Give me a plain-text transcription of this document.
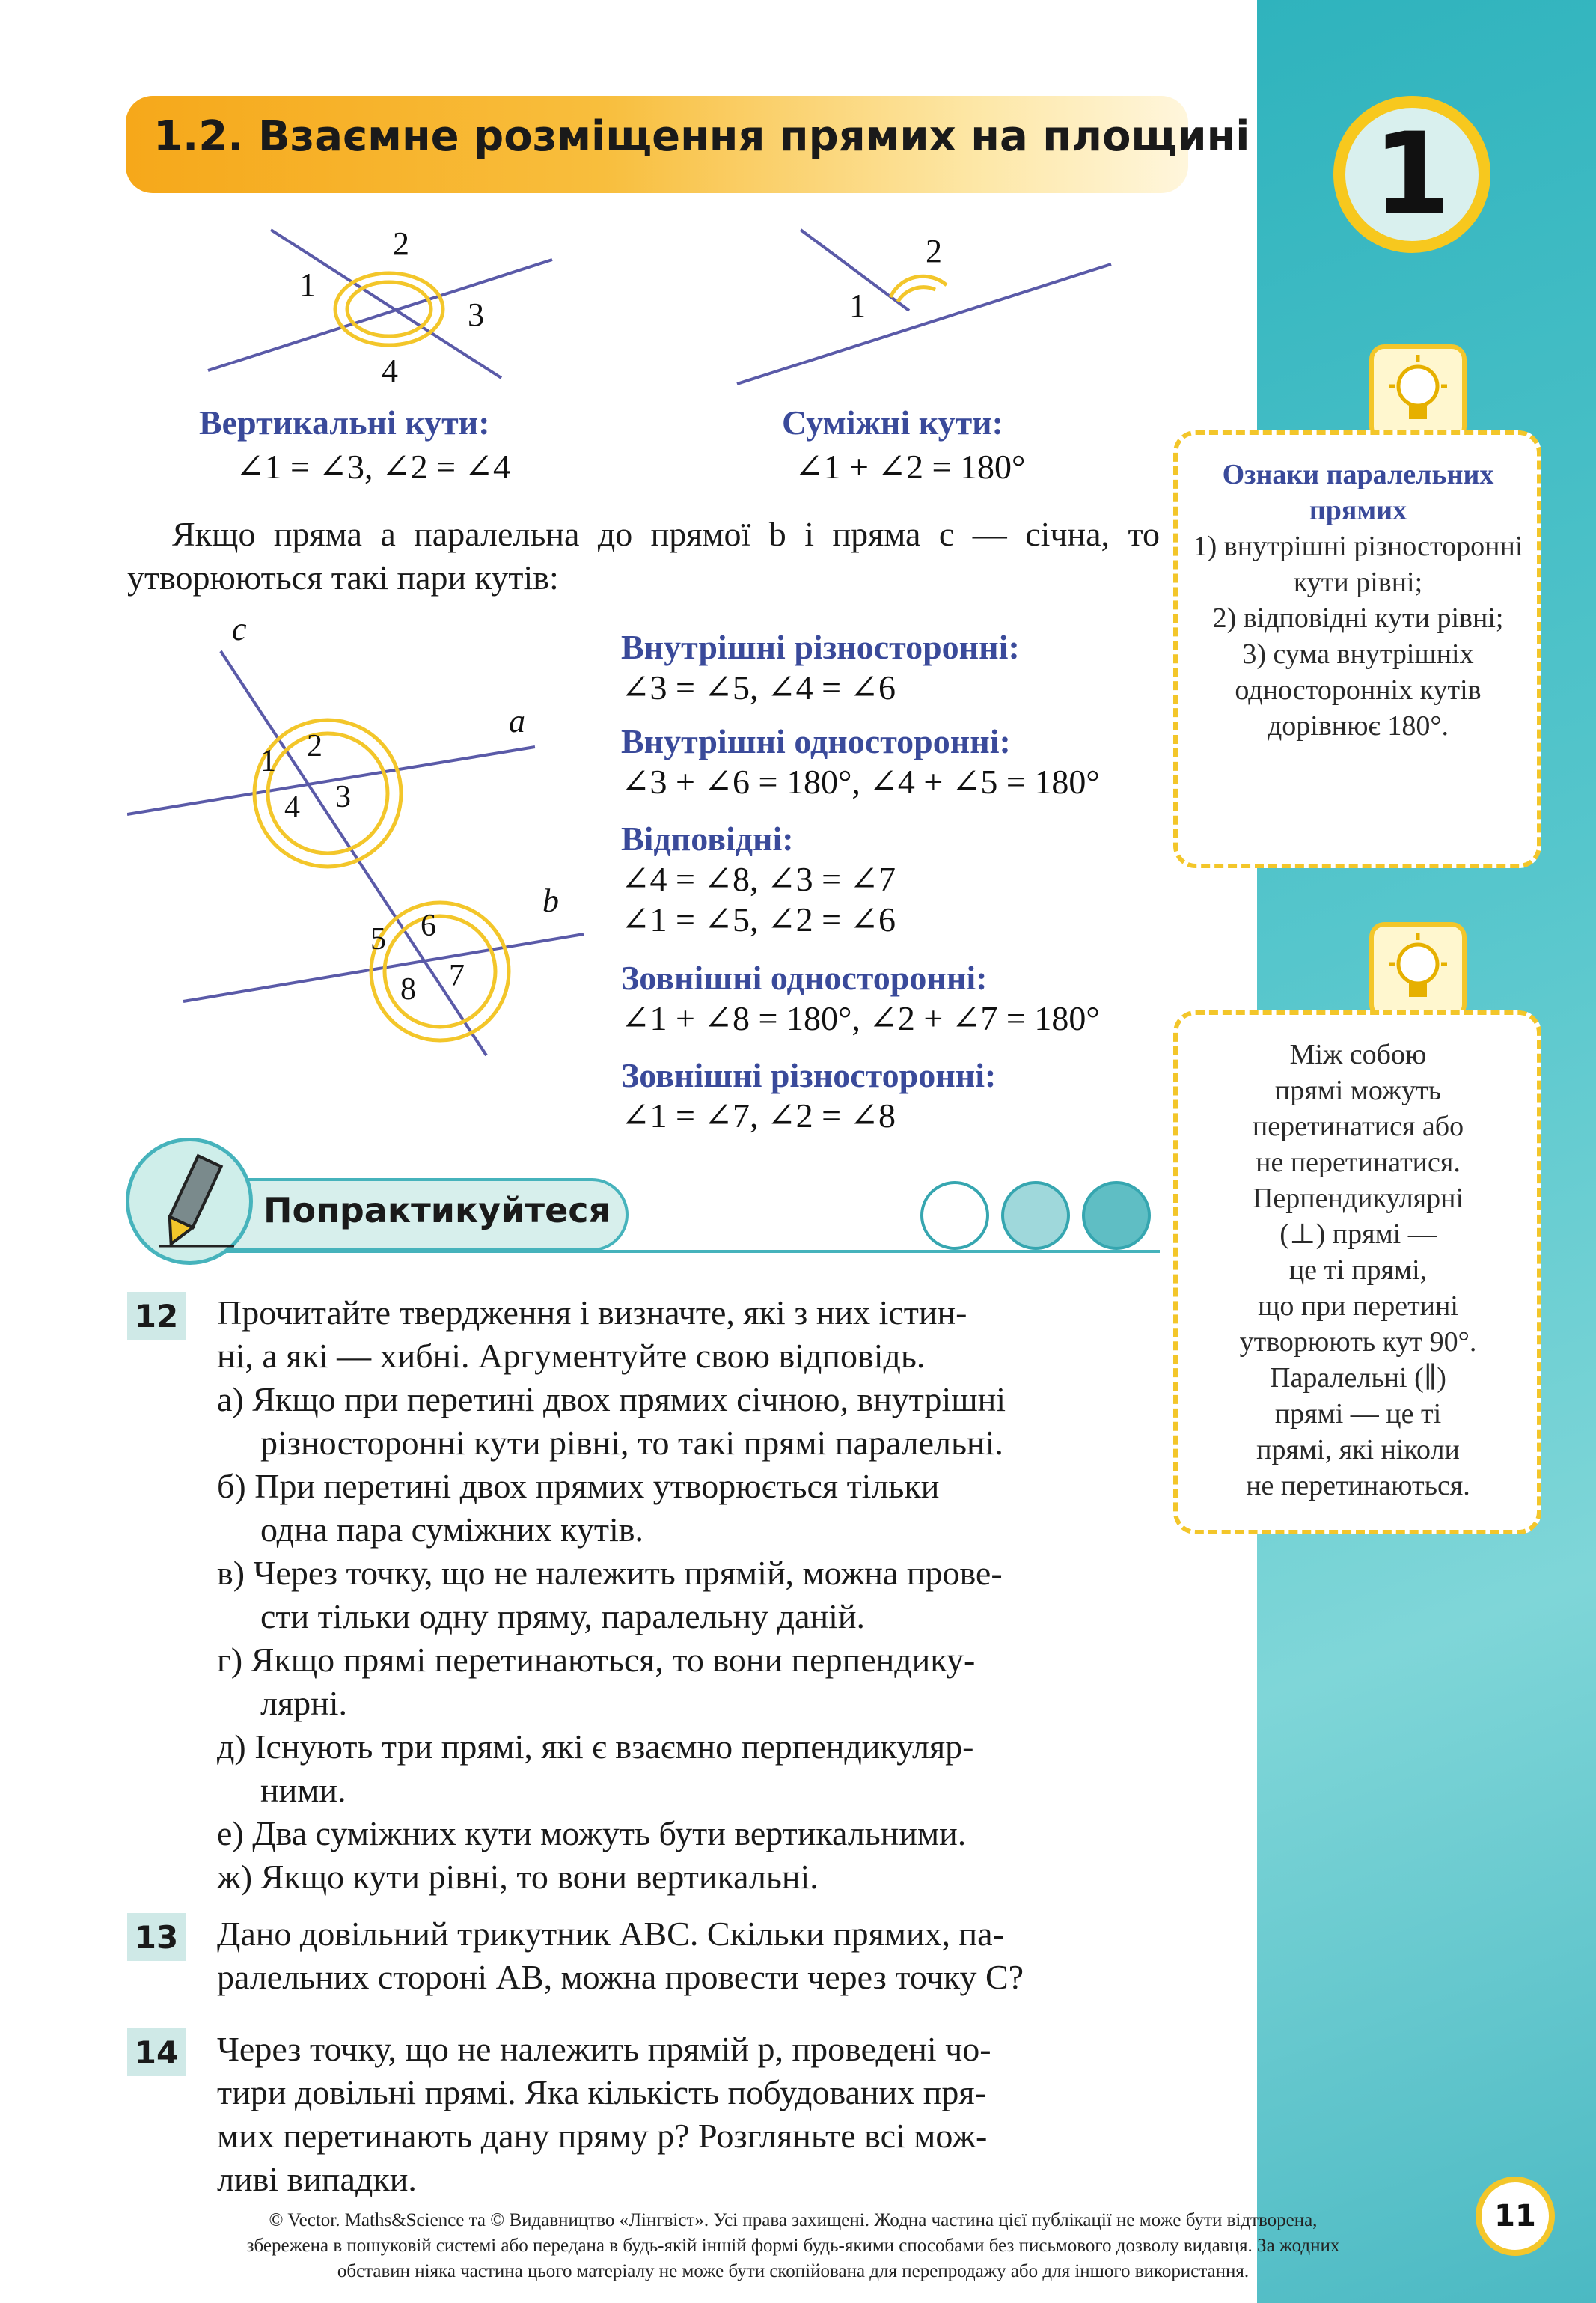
1.2. Взаємне розміщення прямих на площині	1
1
2
3
4
Вертикальні кути:
∠1 = ∠3, ∠2 = ∠4
1
2
Суміжні кути:
∠1 + ∠2 = 180°
Якщо пряма a паралельна до прямої b і пряма c — січна, то утворюються такі пари кутів:
c
a
b
1 2
3
4
5 6
7
8
Внутрішні різносторонні:
∠3 = ∠5, ∠4 = ∠6
Внутрішні односторонні:
∠3 + ∠6 = 180°, ∠4 + ∠5 = 180°
Відповідні:
∠4 = ∠8, ∠3 = ∠7
∠1 = ∠5, ∠2 = ∠6
Зовнішні односторонні:
∠1 + ∠8 = 180°, ∠2 + ∠7 = 180°
Зовнішні різносторонні:
∠1 = ∠7, ∠2 = ∠8
Ознаки паралельних прямих
1) внутрішні різносторонні кути рівні;
2) відповідні кути рівні;
3) сума внутрішніх односторонніх кутів дорівнює 180°.
Між собою
прямі можуть
перетинатися або
не перетинатися.
Перпендикулярні
(⊥) прямі —
це ті прямі,
що при перетині
утворюють кут 90°.
Паралельні (∥)
прямі — це ті
прямі, які ніколи
не перетинаються.
Попрактикуйтеся
12 Прочитайте твердження і визначте, які з них істин-
ні, а які — хибні. Аргументуйте свою відповідь.
а) Якщо при перетині двох прямих січною, внутрішні
різносторонні кути рівні, то такі прямі паралельні.
б) При перетині двох прямих утворюється тільки
одна пара суміжних кутів.
в) Через точку, що не належить прямій, можна прове-
сти тільки одну пряму, паралельну даній.
г) Якщо прямі перетинаються, то вони перпендику-
лярні.
д) Існують три прямі, які є взаємно перпендикуляр-
ними.
е) Два суміжних кути можуть бути вертикальними.
ж) Якщо кути рівні, то вони вертикальні.
13 Дано довільний трикутник ABC. Скільки прямих, па-
ралельних стороні AB, можна провести через точку C?
14 Через точку, що не належить прямій p, проведені чо-
тири довільні прямі. Яка кількість побудованих пря-
мих перетинають дану пряму p? Розгляньте всі мож-
ливі випадки.
11
© Vector. Maths&Science та © Видавництво «Лінгвіст». Усі права захищені. Жодна частина цієї публікації не може бути відтворена,
збережена в пошуковій системі або передана в будь-якій іншій формі будь-якими способами без письмового дозволу видавця. За жодних
обставин ніяка частина цього матеріалу не може бути скопійована для перепродажу або для іншого використання.
